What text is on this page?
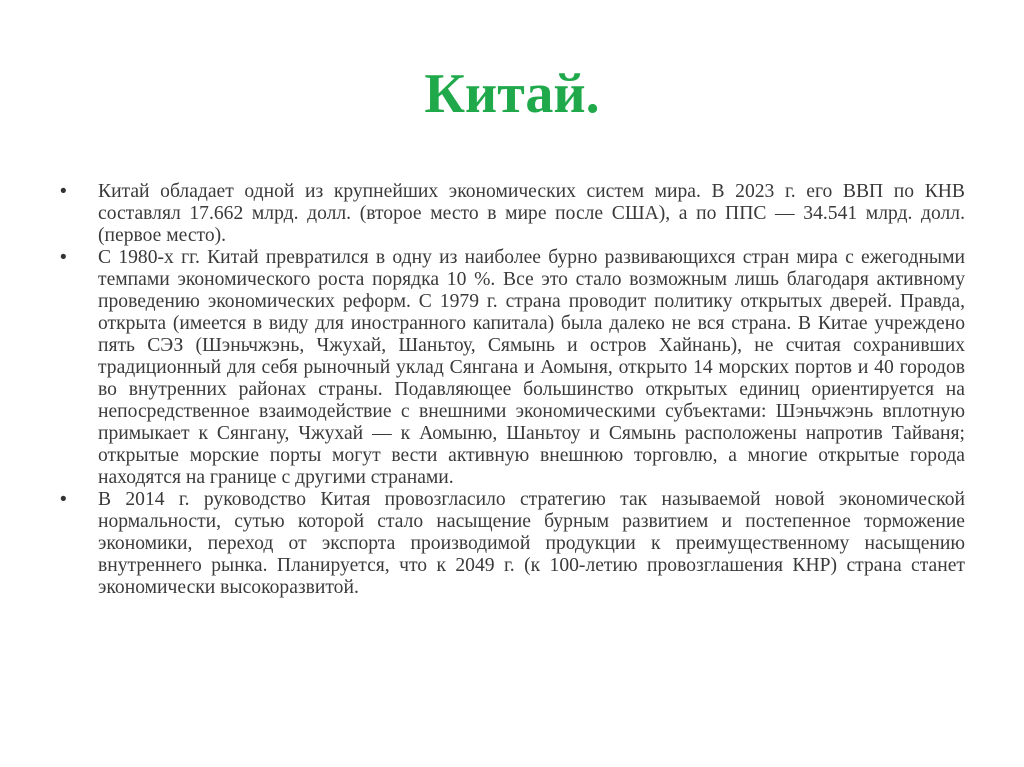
Китай.
• Китай обладает одной из крупнейших экономических систем мира. В 2023 г. его ВВП по КНВ составлял 17.662 млрд. долл. (второе место в мире после США), а по ППС — 34.541 млрд. долл. (первое место).
• С 1980-х гг. Китай превратился в одну из наиболее бурно развивающихся стран мира с ежегодными темпами экономического роста порядка 10 %. Все это стало возможным лишь благодаря активному проведению экономических реформ. С 1979 г. страна проводит политику открытых дверей. Правда, открыта (имеется в виду для иностранного капитала) была далеко не вся страна. В Китае учреждено пять СЭЗ (Шэньчжэнь, Чжухай, Шаньтоу, Сямынь и остров Хайнань), не считая сохранивших традиционный для себя рыночный уклад Сянгана и Аомыня, открыто 14 морских портов и 40 городов во внутренних районах страны. Подавляющее большинство открытых единиц ориентируется на непосредственное взаимодействие с внешними экономическими субъектами: Шэньчжэнь вплотную примыкает к Сянгану, Чжухай — к Аомыню, Шаньтоу и Сямынь расположены напротив Тайваня; открытые морские порты могут вести активную внешнюю торговлю, а многие открытые города находятся на границе с другими странами.
• В 2014 г. руководство Китая провозгласило стратегию так называемой новой экономической нормальности, сутью которой стало насыщение бурным развитием и постепенное торможение экономики, переход от экспорта производимой продукции к преимущественному насыщению внутреннего рынка. Планируется, что к 2049 г. (к 100-летию провозглашения КНР) страна станет экономически высокоразвитой.
